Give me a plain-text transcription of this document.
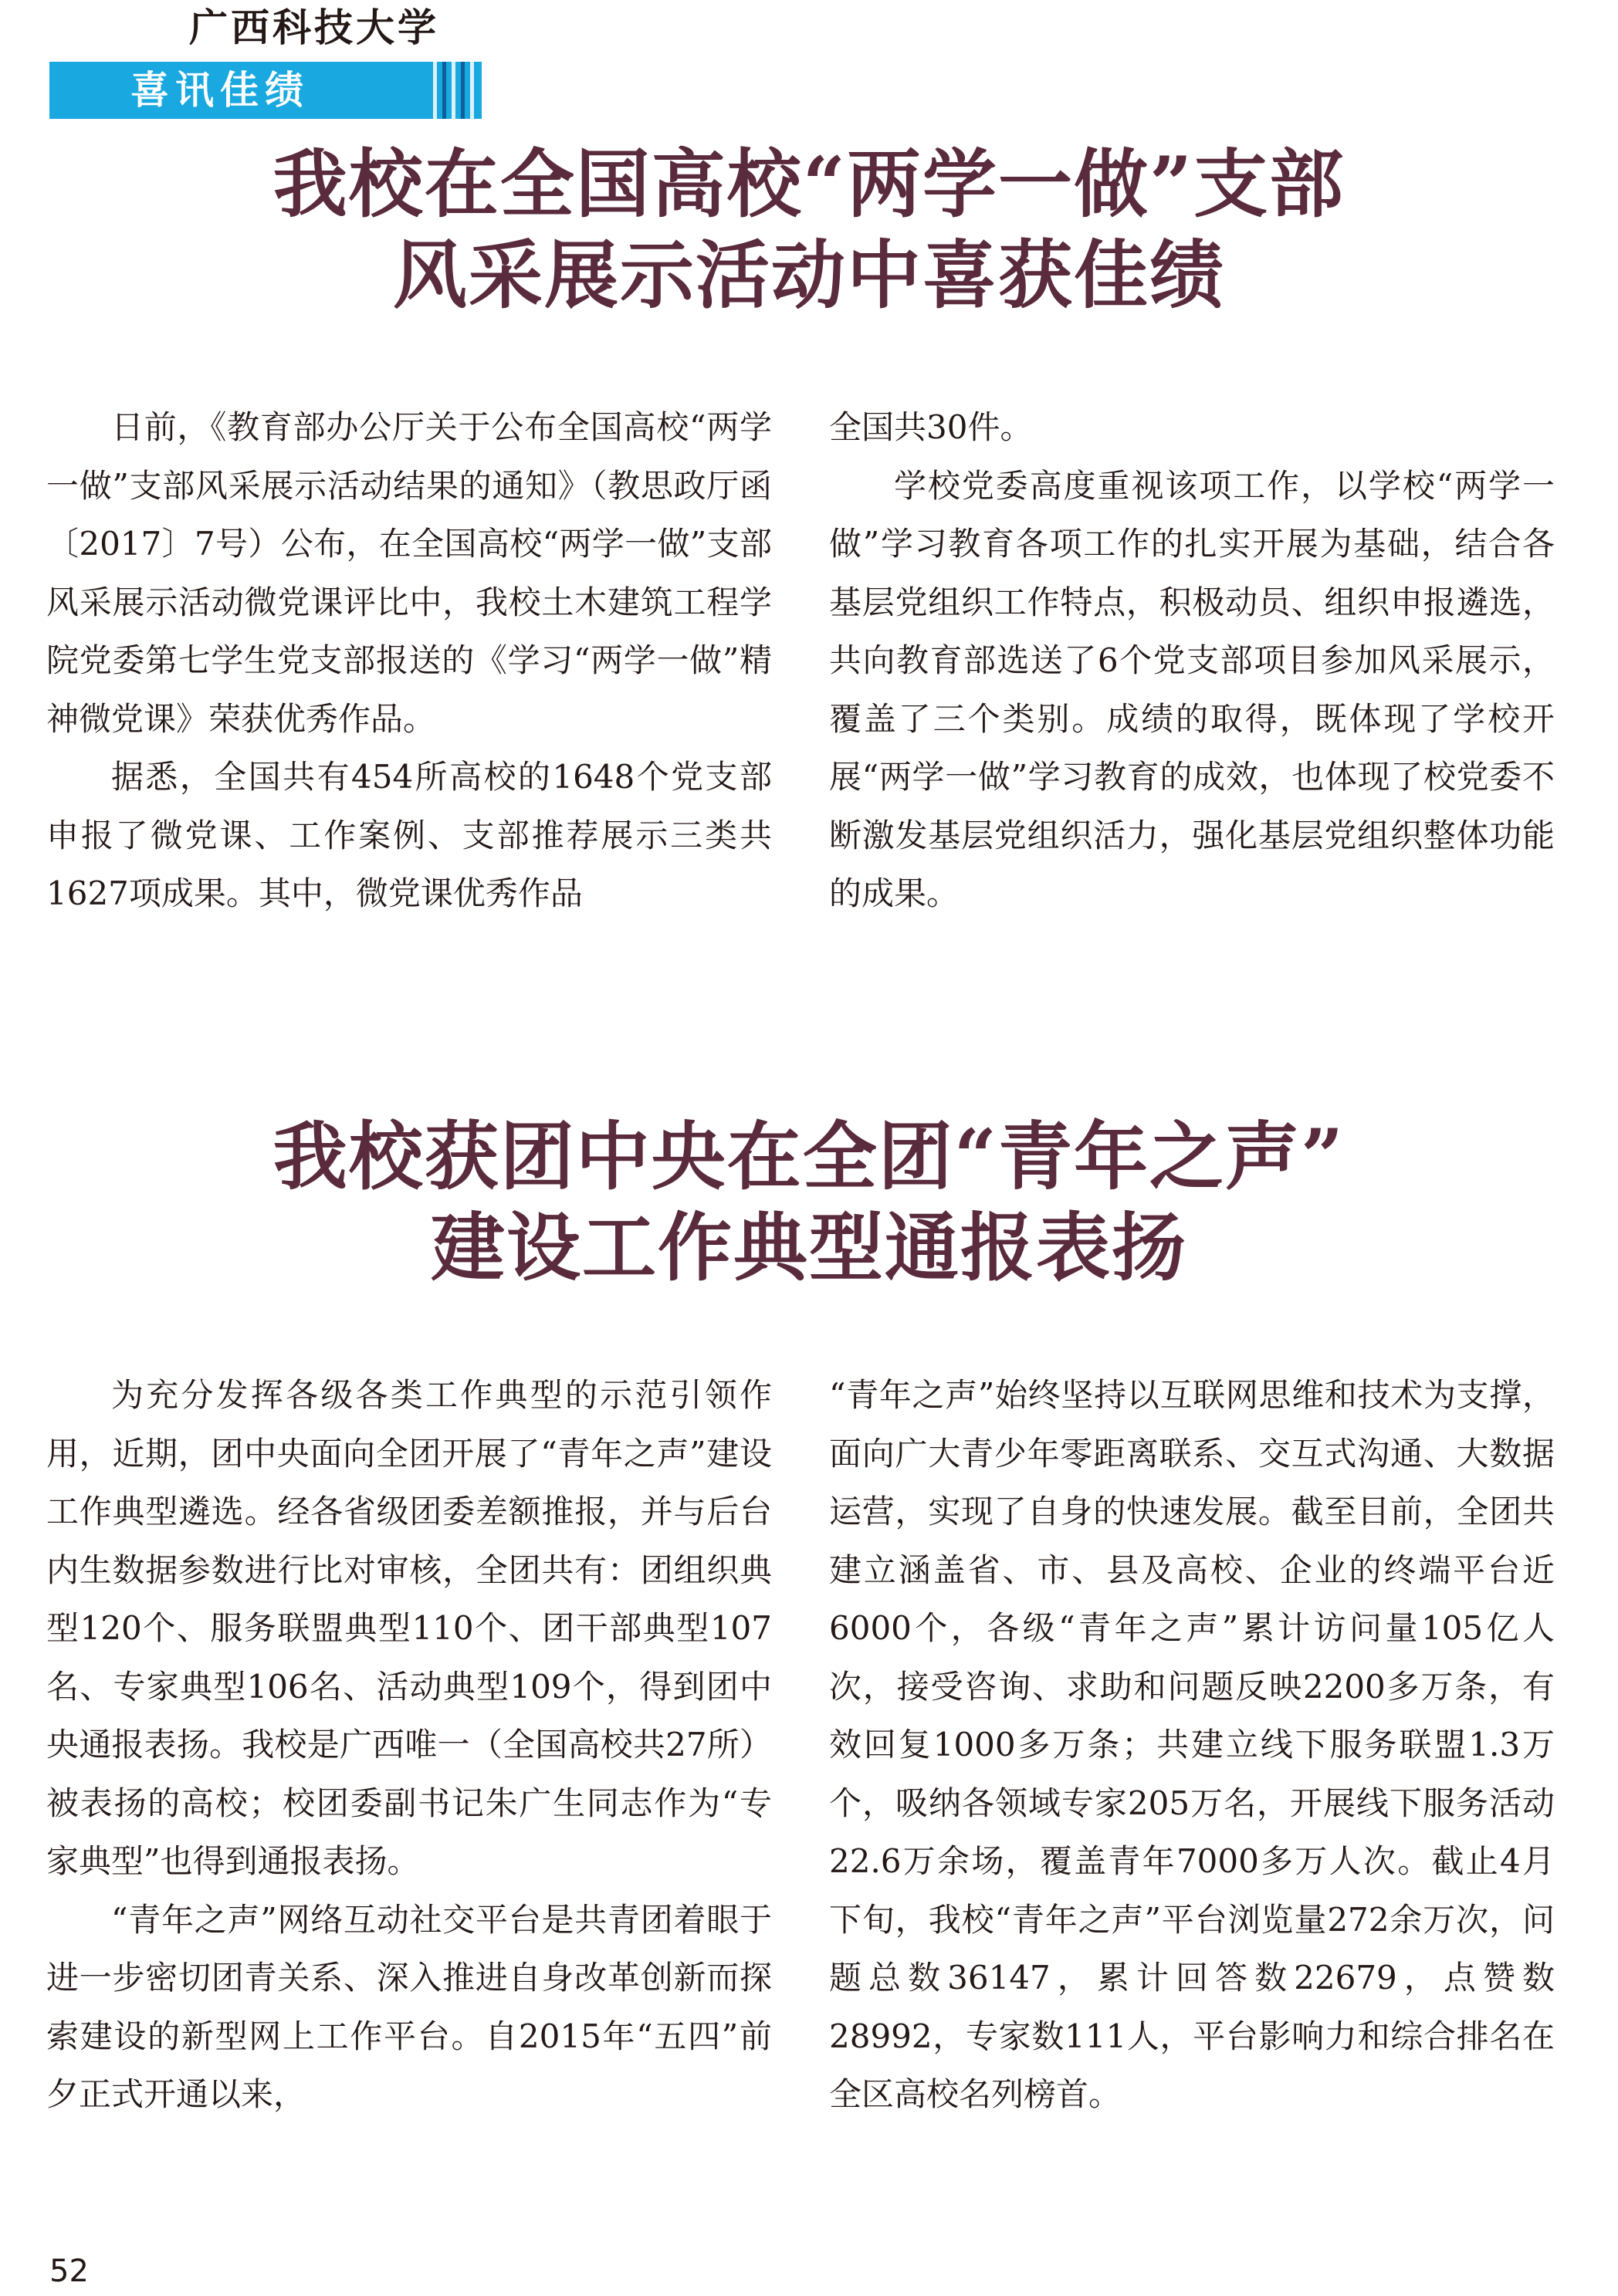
广西科技大学
喜讯佳绩
我校在全国高校“两学一做”支部
风采展示活动中喜获佳绩

日前，《教育部办公厅关于公布全国高校“两学一做”支部风采展示活动结果的通知》（教思政厅函〔2017〕7号）公布，在全国高校“两学一做”支部风采展示活动微党课评比中，我校土木建筑工程学院党委第七学生党支部报送的《学习“两学一做”精神微党课》荣获优秀作品。

据悉，全国共有454所高校的1648个党支部申报了微党课、工作案例、支部推荐展示三类共1627项成果。其中，微党课优秀作品

全国共30件。

学校党委高度重视该项工作，以学校“两学一做”学习教育各项工作的扎实开展为基础，结合各基层党组织工作特点，积极动员、组织申报遴选，共向教育部选送了6个党支部项目参加风采展示，覆盖了三个类别。成绩的取得，既体现了学校开展“两学一做”学习教育的成效，也体现了校党委不断激发基层党组织活力，强化基层党组织整体功能的成果。

我校获团中央在全团“青年之声”
建设工作典型通报表扬

为充分发挥各级各类工作典型的示范引领作用，近期，团中央面向全团开展了“青年之声”建设工作典型遴选。经各省级团委差额推报，并与后台内生数据参数进行比对审核，全团共有：团组织典型120个、服务联盟典型110个、团干部典型107名、专家典型106名、活动典型109个，得到团中央通报表扬。我校是广西唯一（全国高校共27所）被表扬的高校；校团委副书记朱广生同志作为“专家典型”也得到通报表扬。

“青年之声”网络互动社交平台是共青团着眼于进一步密切团青关系、深入推进自身改革创新而探索建设的新型网上工作平台。自2015年“五四”前夕正式开通以来，

“青年之声”始终坚持以互联网思维和技术为支撑，面向广大青少年零距离联系、交互式沟通、大数据运营，实现了自身的快速发展。截至目前，全团共建立涵盖省、市、县及高校、企业的终端平台近6000个，各级“青年之声”累计访问量105亿人次，接受咨询、求助和问题反映2200多万条，有效回复1000多万条；共建立线下服务联盟1.3万个，吸纳各领域专家205万名，开展线下服务活动22.6万余场，覆盖青年7000多万人次。截止4月下旬，我校“青年之声”平台浏览量272余万次，问题总数36147，累计回答数22679，点赞数28992，专家数111人，平台影响力和综合排名在全区高校名列榜首。

52
